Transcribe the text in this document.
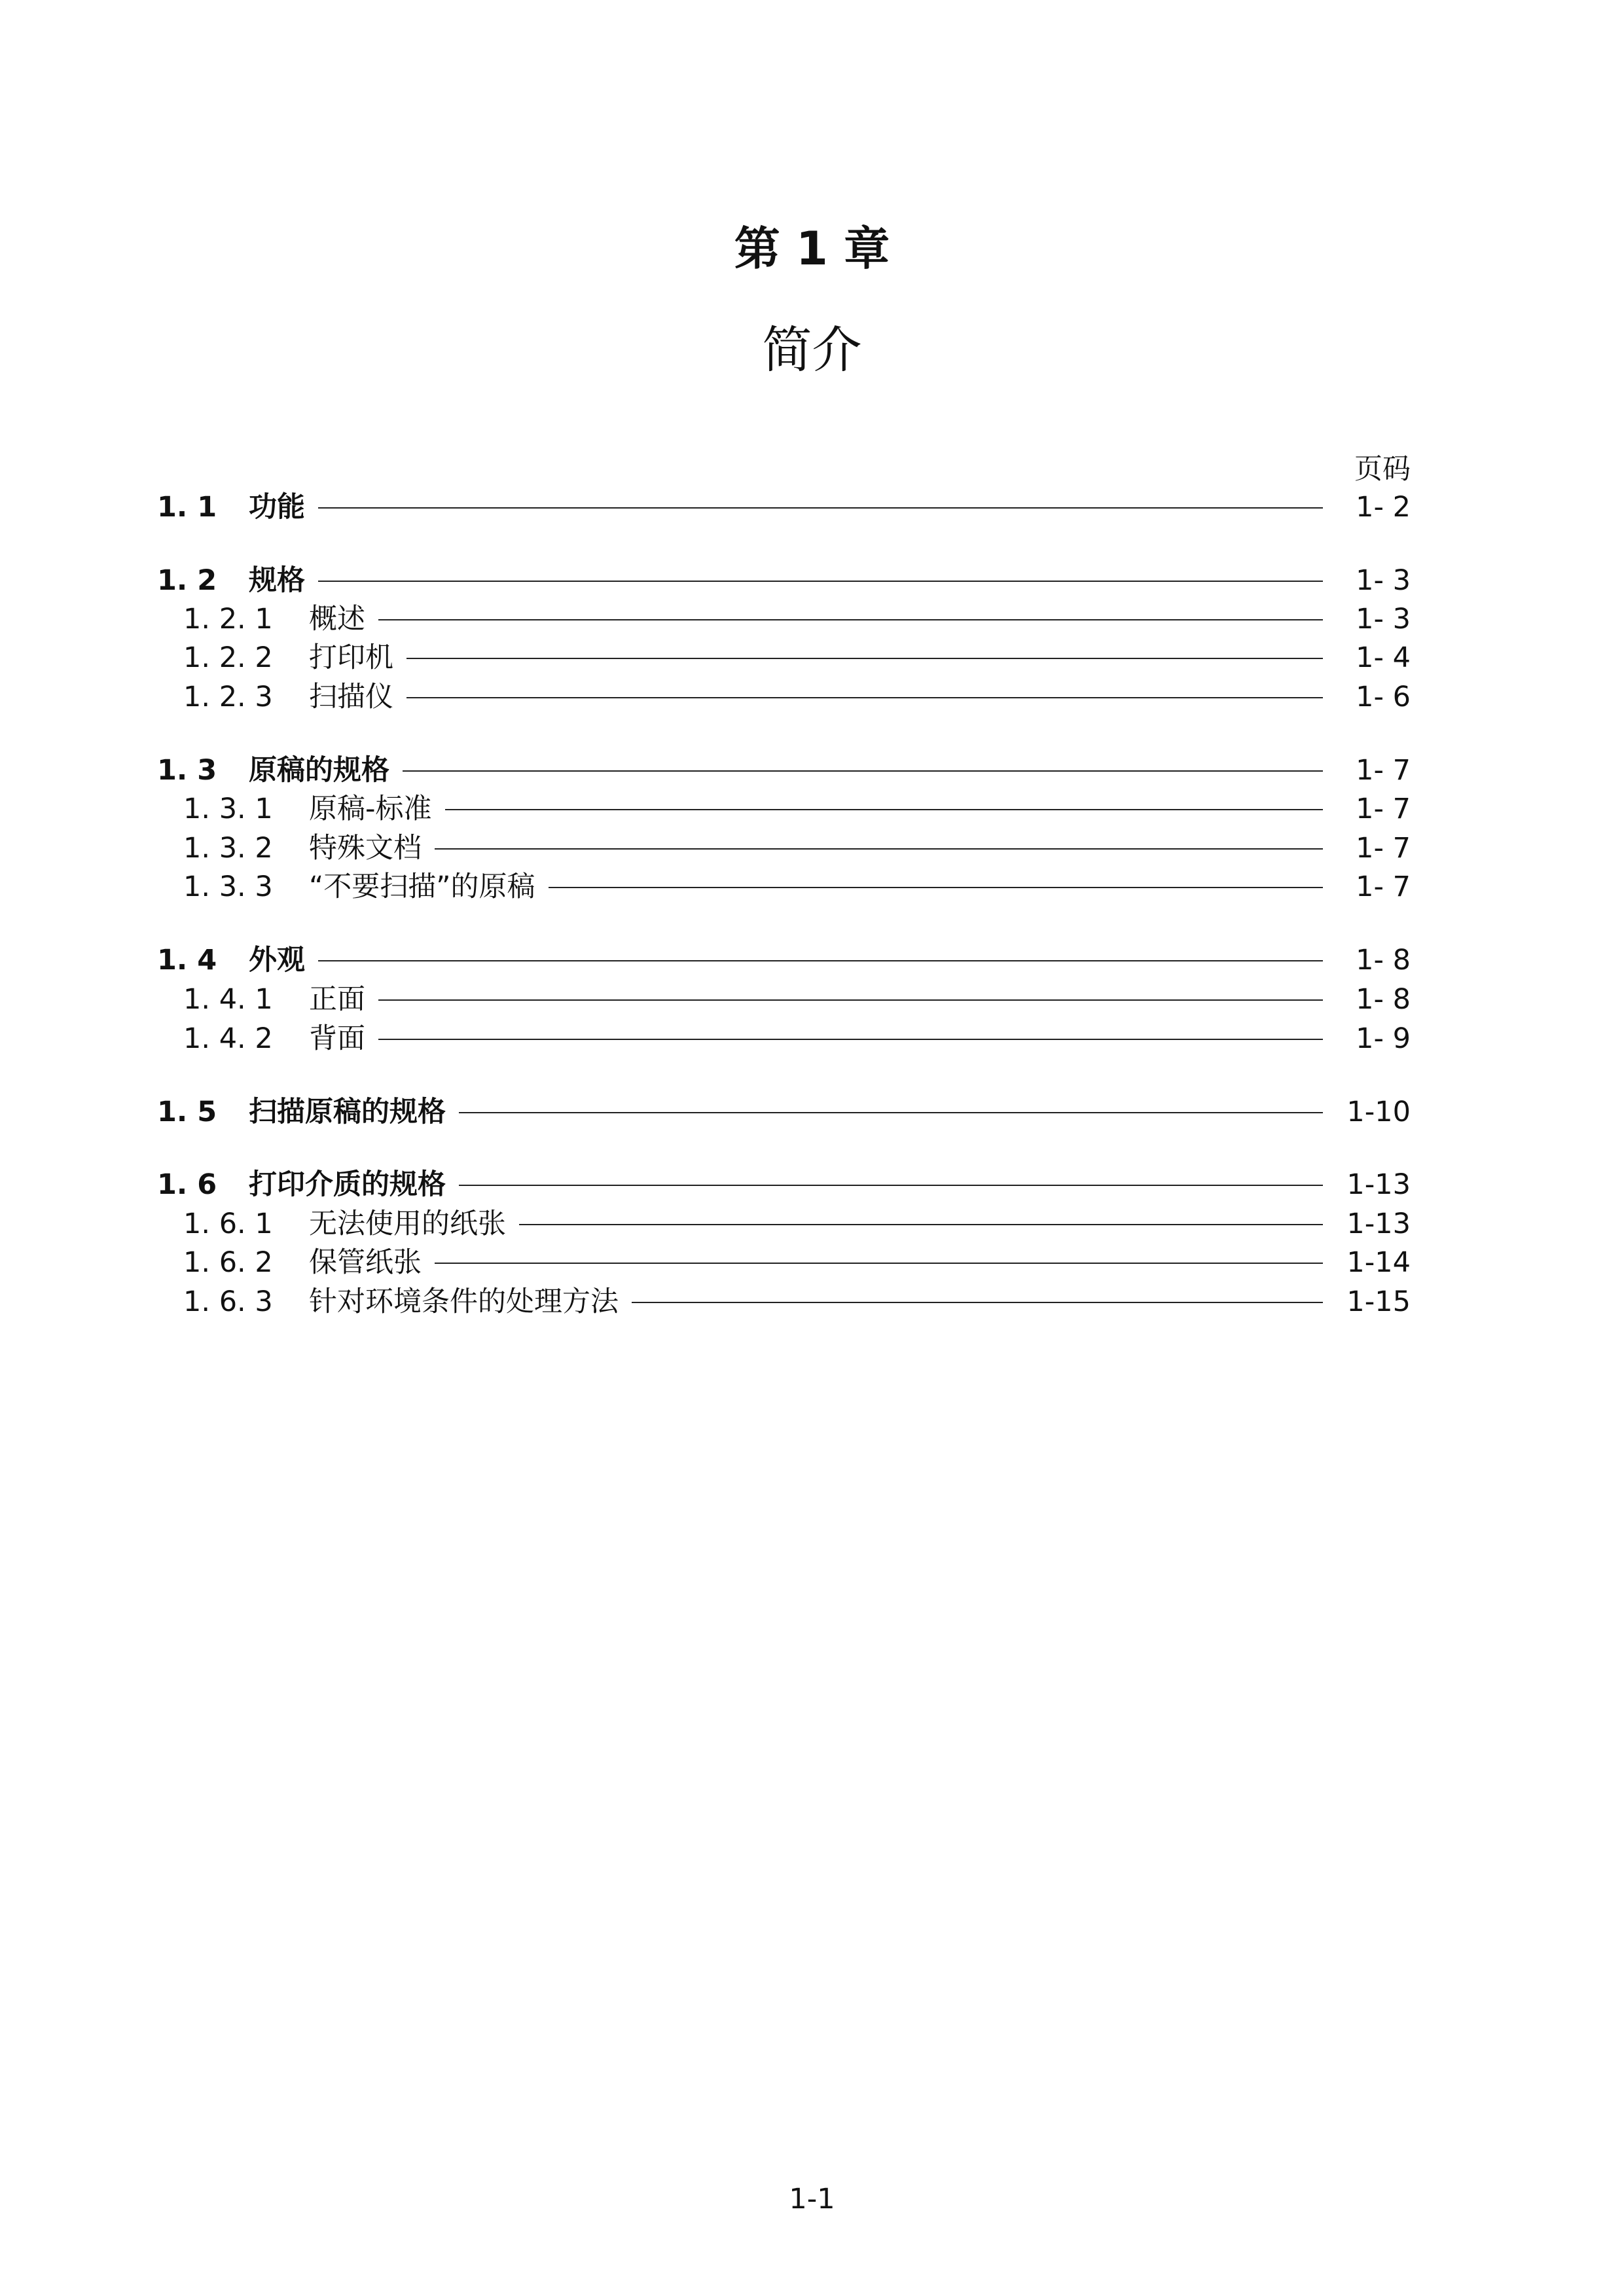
第 1 章
简介
页码
1. 1 功能	1- 2
1. 2 规格	1- 3
1. 2. 1 概述	1- 3
1. 2. 2 打印机	1- 4
1. 2. 3 扫描仪	1- 6
1. 3 原稿的规格	1- 7
1. 3. 1 原稿-标准	1- 7
1. 3. 2 特殊文档	1- 7
1. 3. 3 “不要扫描”的原稿	1- 7
1. 4 外观	1- 8
1. 4. 1 正面	1- 8
1. 4. 2 背面	1- 9
1. 5 扫描原稿的规格	1-10
1. 6 打印介质的规格	1-13
1. 6. 1 无法使用的纸张	1-13
1. 6. 2 保管纸张	1-14
1. 6. 3 针对环境条件的处理方法	1-15
1-1
